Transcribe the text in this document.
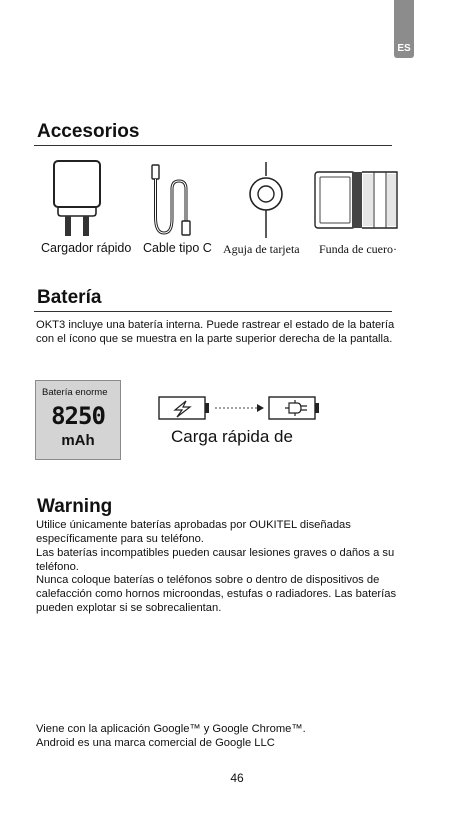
ES
Accesorios
Cargador rápido Cable tipo C Aguja de tarjeta Funda de cuero·
Batería

OKT3 incluye una batería interna. Puede rastrear el estado de la batería con el ícono que se muestra en la parte superior derecha de la pantalla.

Batería enorme
8250
mAh	Carga rápida de
Warning

Utilice únicamente baterías aprobadas por OUKITEL diseñadas específicamente para su teléfono.

Las baterías incompatibles pueden causar lesiones graves o daños a su teléfono.

Nunca coloque baterías o teléfonos sobre o dentro de dispositivos de calefacción como hornos microondas, estufas o radiadores. Las baterías pueden explotar si se sobrecalientan.

Viene con la aplicación Google™ y Google Chrome™.
Android es una marca comercial de Google LLC

46
